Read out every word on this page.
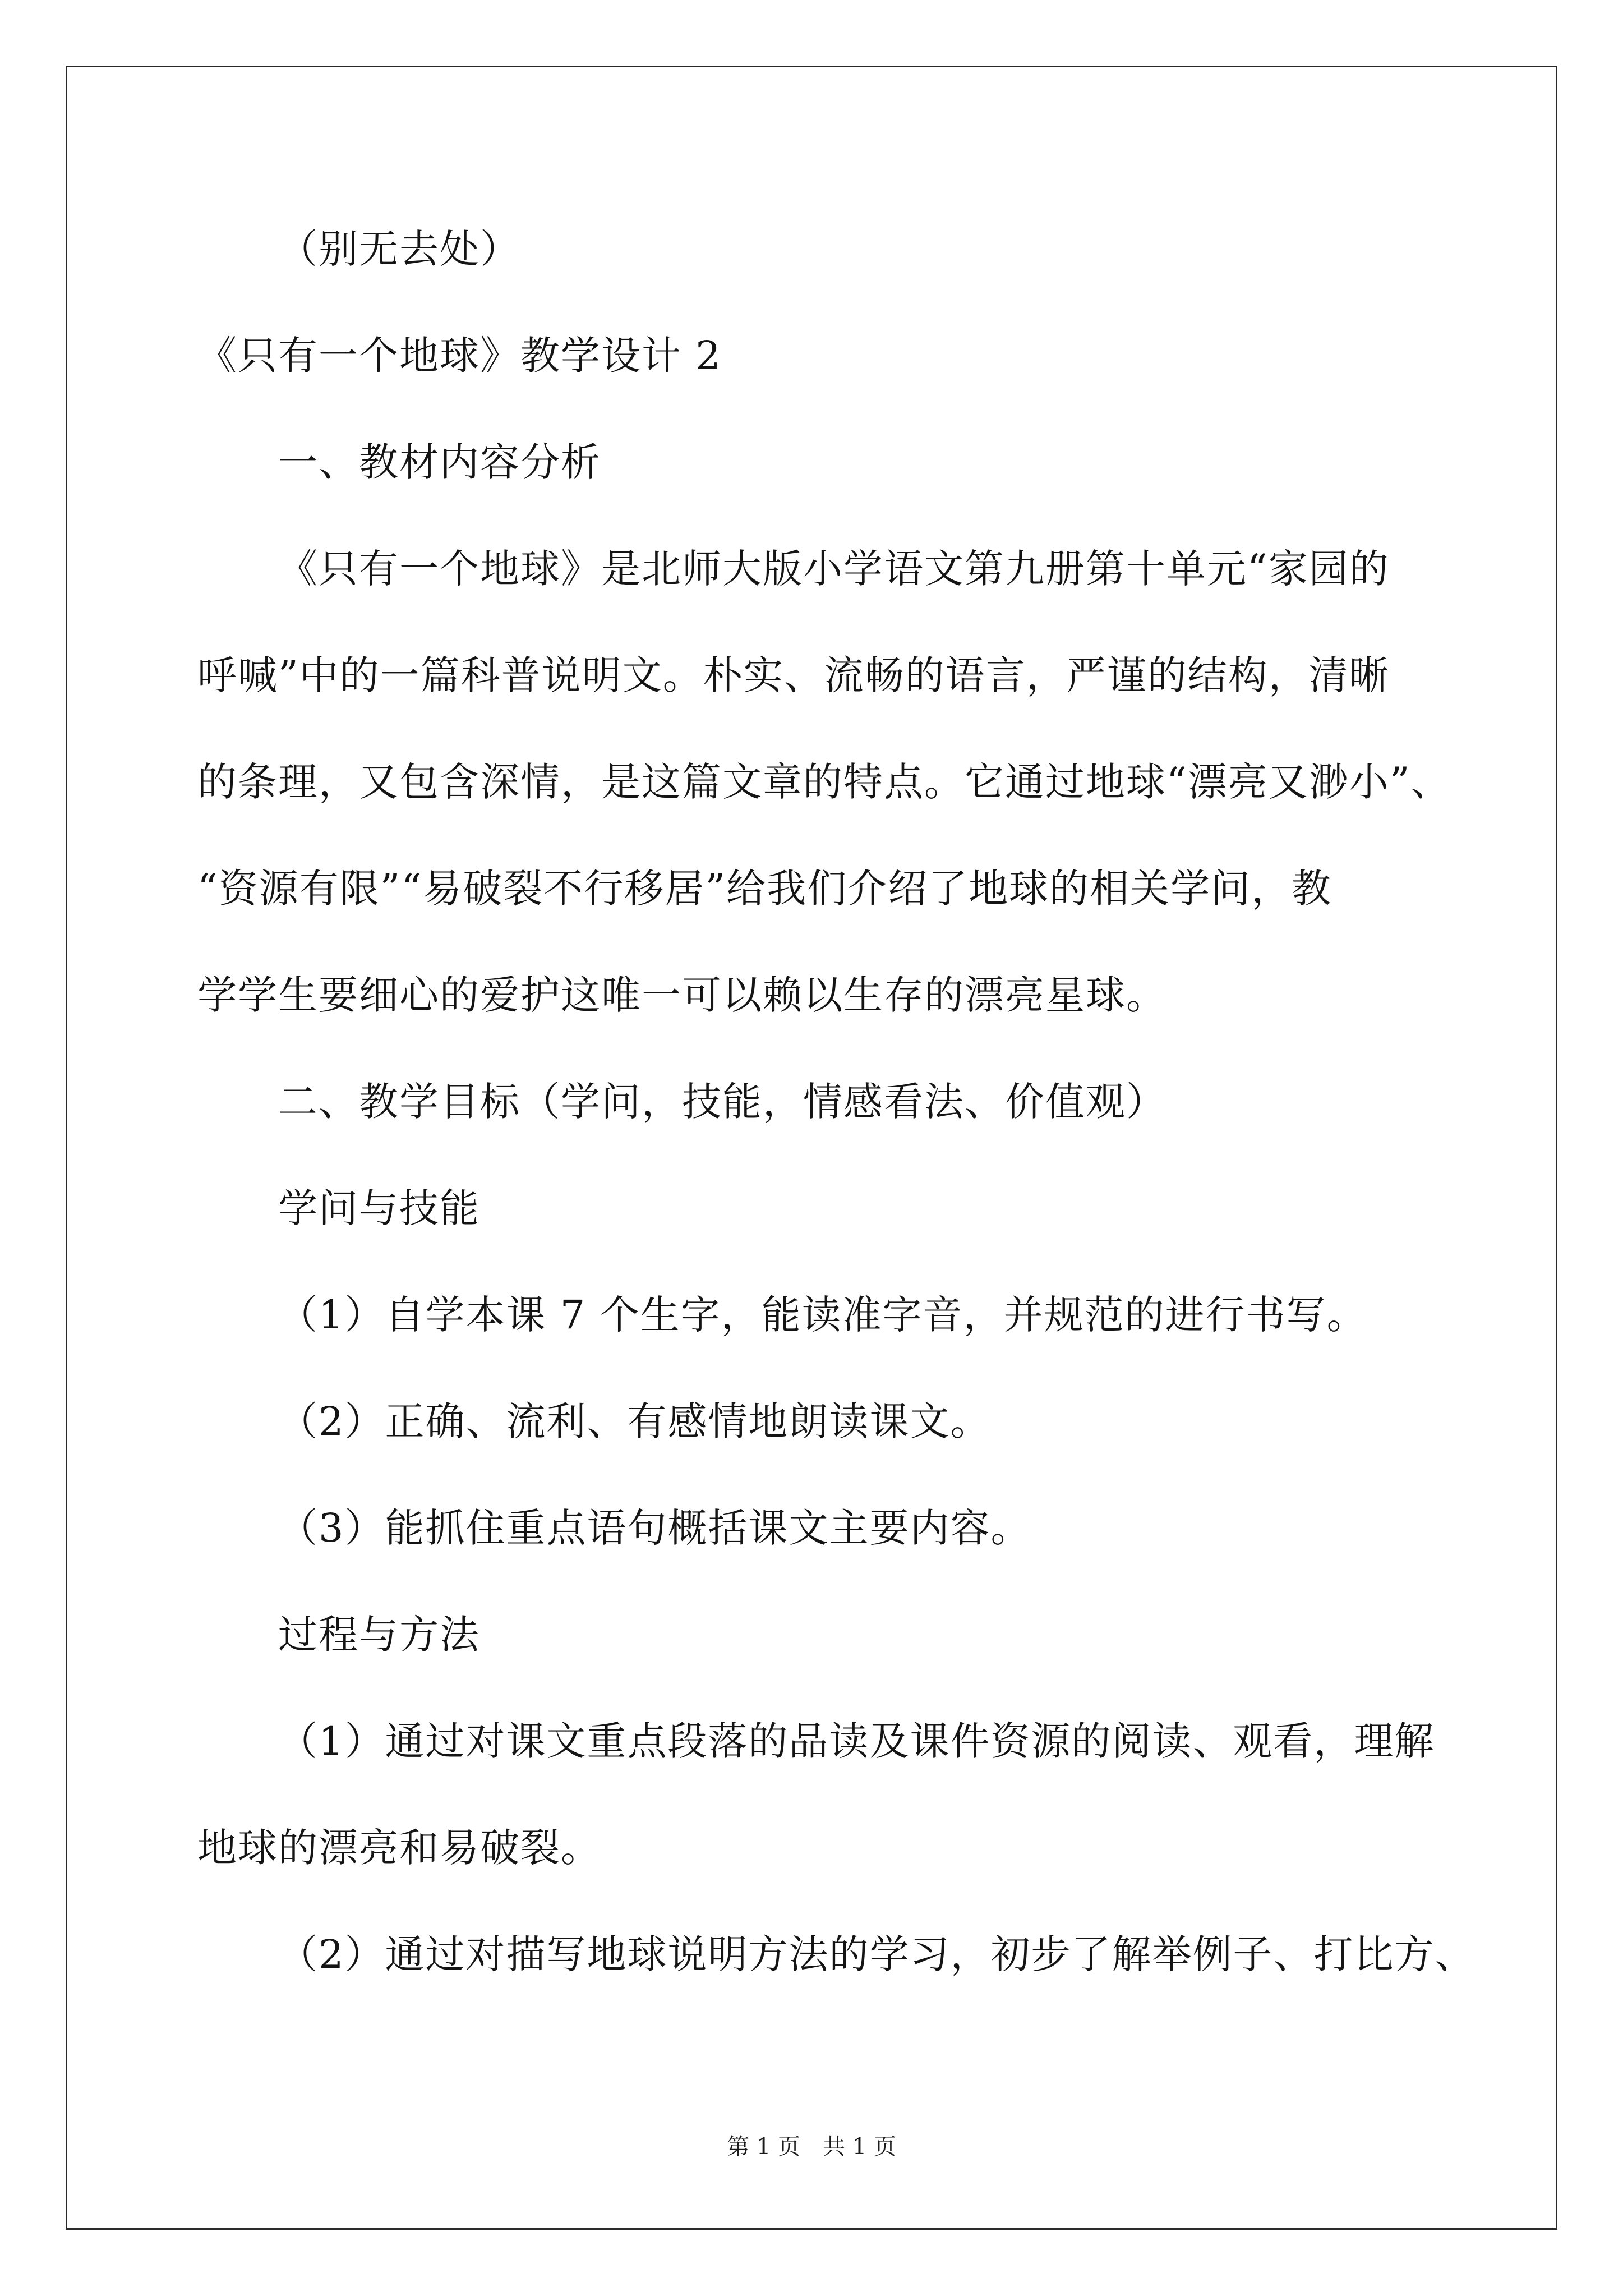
（别无去处）
《只有一个地球》教学设计 2
一、教材内容分析
《只有一个地球》是北师大版小学语文第九册第十单元“家园的
呼喊”中的一篇科普说明文。朴实、流畅的语言，严谨的结构，清晰
的条理，又包含深情，是这篇文章的特点。它通过地球“漂亮又渺小”、
“资源有限”“易破裂不行移居”给我们介绍了地球的相关学问，教
学学生要细心的爱护这唯一可以赖以生存的漂亮星球。
二、教学目标（学问，技能，情感看法、价值观）
学问与技能
（1）自学本课 7 个生字，能读准字音，并规范的进行书写。
（2）正确、流利、有感情地朗读课文。
（3）能抓住重点语句概括课文主要内容。
过程与方法
（1）通过对课文重点段落的品读及课件资源的阅读、观看，理解
地球的漂亮和易破裂。
（2）通过对描写地球说明方法的学习，初步了解举例子、打比方、
第 1 页　共 1 页
